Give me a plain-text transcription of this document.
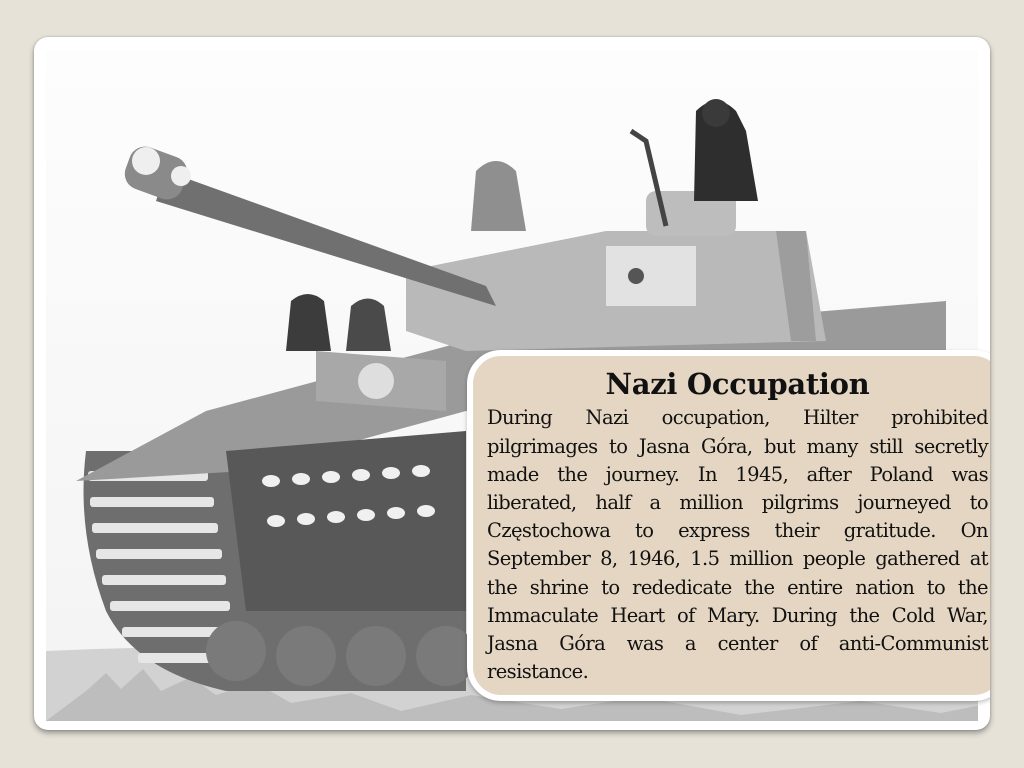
Nazi Occupation

During Nazi occupation, Hilter prohibited pilgrimages to Jasna Góra, but many still secretly made the journey. In 1945, after Poland was liberated, half a million pilgrims journeyed to Częstochowa to express their gratitude. On September 8, 1946, 1.5 million people gathered at the shrine to rededicate the entire nation to the Immaculate Heart of Mary. During the Cold War, Jasna Góra was a center of anti-Communist resistance.
